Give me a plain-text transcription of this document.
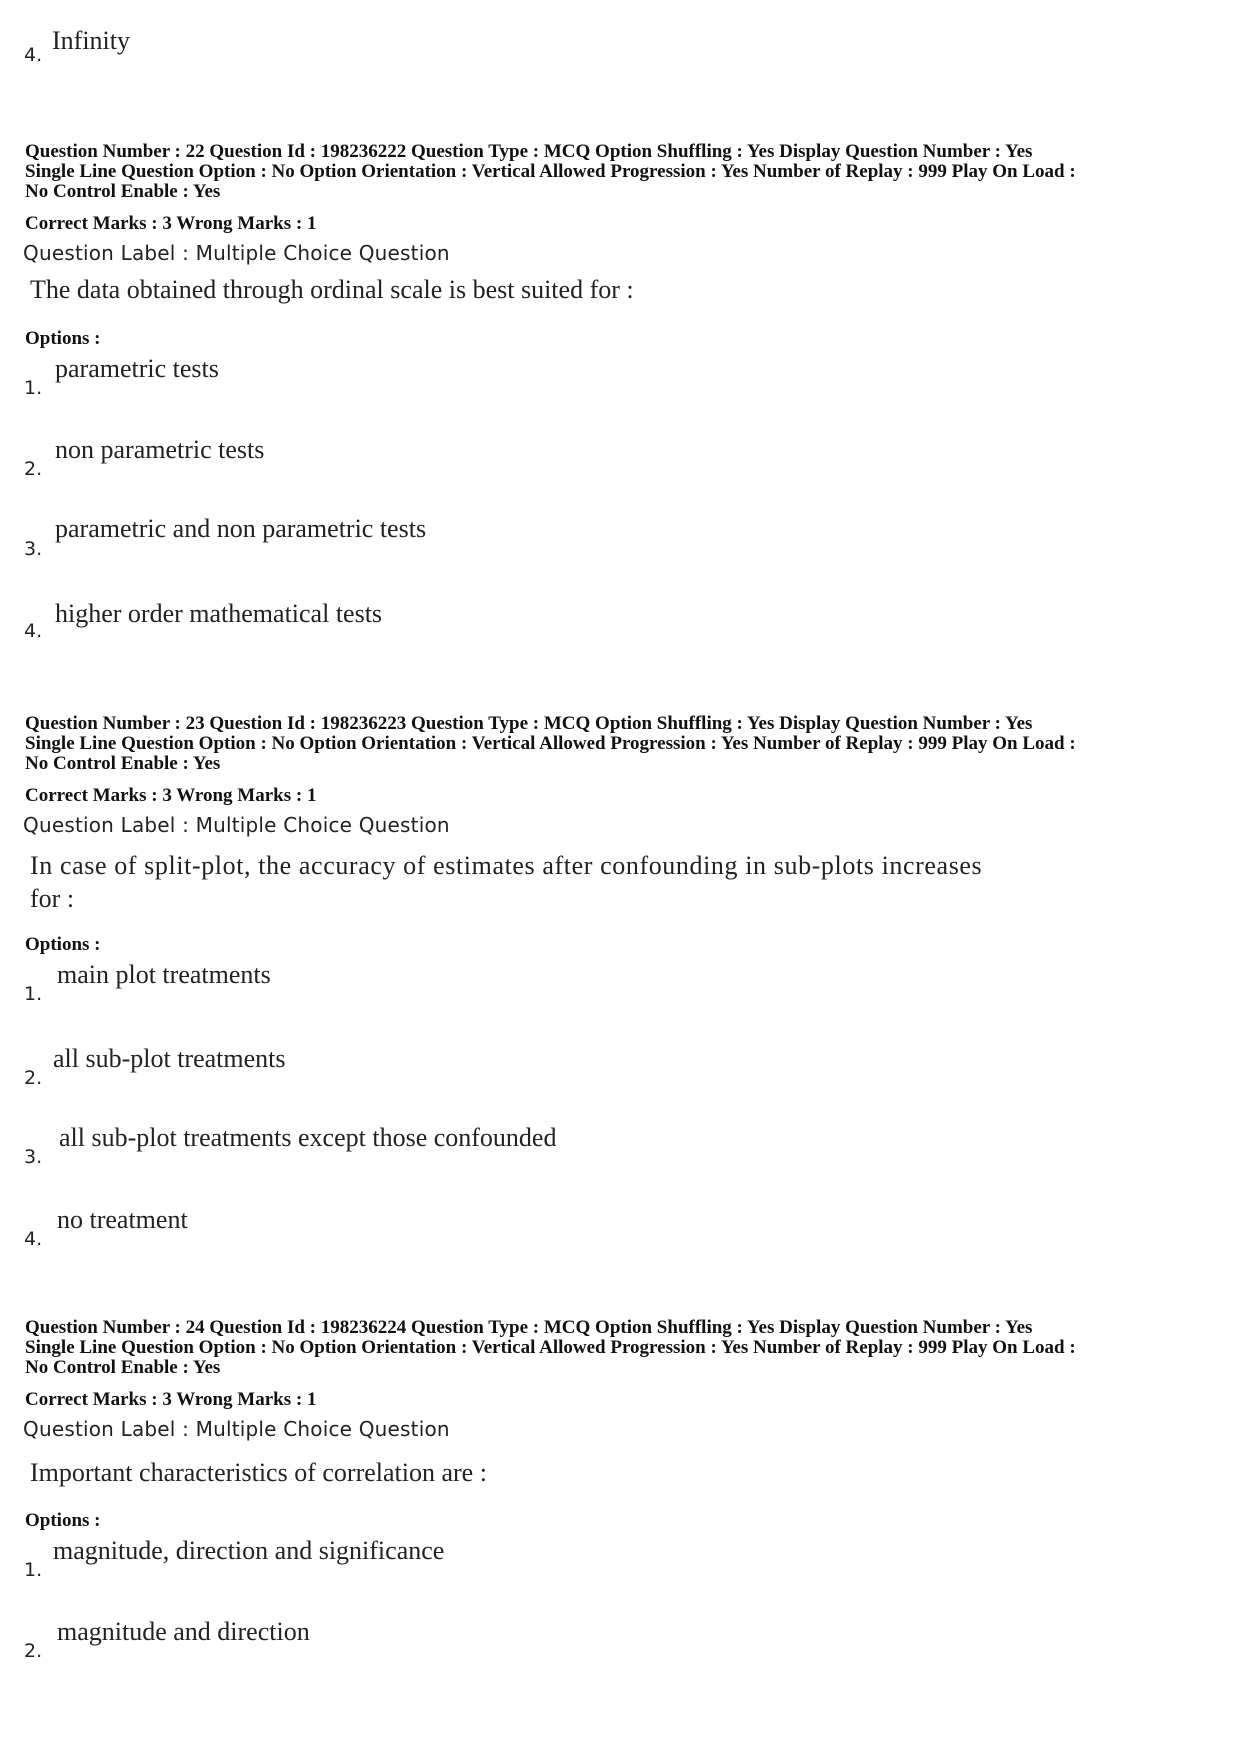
4. Infinity
Question Number : 22 Question Id : 198236222 Question Type : MCQ Option Shuffling : Yes Display Question Number : Yes
Single Line Question Option : No Option Orientation : Vertical Allowed Progression : Yes Number of Replay : 999 Play On Load :
No Control Enable : Yes
Correct Marks : 3 Wrong Marks : 1
Question Label : Multiple Choice Question
The data obtained through ordinal scale is best suited for :
Options :
1.
parametric tests
2.
non parametric tests
3.
parametric and non parametric tests
4.
higher order mathematical tests
Question Number : 23 Question Id : 198236223 Question Type : MCQ Option Shuffling : Yes Display Question Number : Yes
Single Line Question Option : No Option Orientation : Vertical Allowed Progression : Yes Number of Replay : 999 Play On Load :
No Control Enable : Yes
Correct Marks : 3 Wrong Marks : 1
Question Label : Multiple Choice Question
In case of split-plot, the accuracy of estimates after confounding in sub-plots increases
for :
Options :
1.
main plot treatments
2.
all sub-plot treatments
3.
all sub-plot treatments except those confounded
4.
no treatment
Question Number : 24 Question Id : 198236224 Question Type : MCQ Option Shuffling : Yes Display Question Number : Yes
Single Line Question Option : No Option Orientation : Vertical Allowed Progression : Yes Number of Replay : 999 Play On Load :
No Control Enable : Yes
Correct Marks : 3 Wrong Marks : 1
Question Label : Multiple Choice Question
Important characteristics of correlation are :
Options :
1.
magnitude, direction and significance
2.
magnitude and direction
